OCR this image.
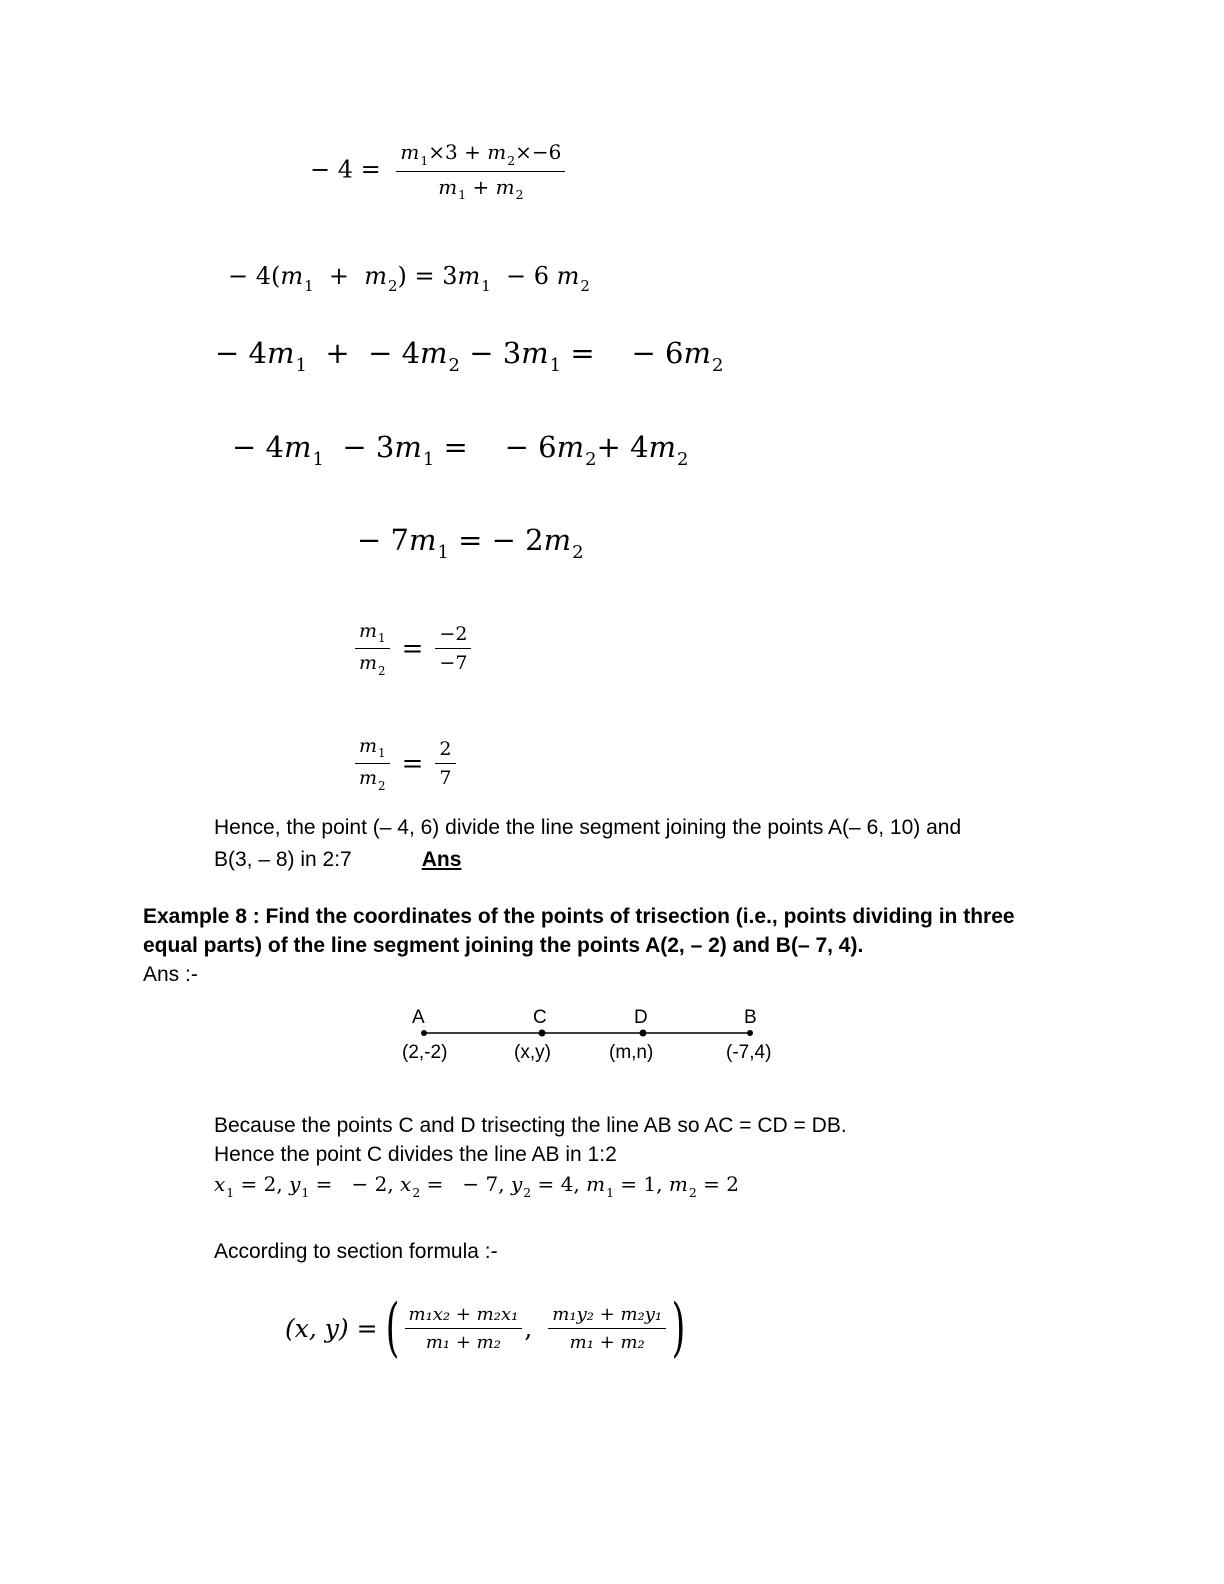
− $4 = \frac{m_1\times 3 + m_2\times-6}{m_1 + m_2}$
− $4(m_1 + m_2) = 3m_1 - 6$ $m_2$
− $4m_1$  +  − $4m_2 - 3m_1$ =    − $6m_2$
− $4m_1 - 3m_1$ =    − $6m_2+ 4m_2$
− $7m_1$ = − $2m_2$
$\frac{m_1}{m_2} = \frac{-2}{-7}$
$\frac{m_1}{m_2} = \frac{2}{7}$
Hence, the point (– 4, 6) divide the line segment joining the points A(– 6, 10) and
B(3, – 8) in 2:7	Ans
Example 8 : Find the coordinates of the points of trisection (i.e., points dividing in three
equal parts) of the line segment joining the points A(2, – 2) and B(– 7, 4).
Ans :-
A	C	D	B
(2,-2)	(x,y)	(m,n)	(-7,4)
Because the points C and D trisecting the line AB so AC = CD = DB.
Hence the point C divides the line AB in 1:2
$x_1 = 2$, $y_1$ =   − 2, $x_2$ =   − 7, $y_2 = 4$, $m_1 = 1$, $m_2 = 2$
According to section formula :-
(x, y) = ( $\frac{\text{m₁x₂ + m₂x₁}}{\text{m₁ + m₂}}$ , $\frac{\text{m₁y₂ + m₂y₁}}{\text{m₁ + m₂}}$ )
